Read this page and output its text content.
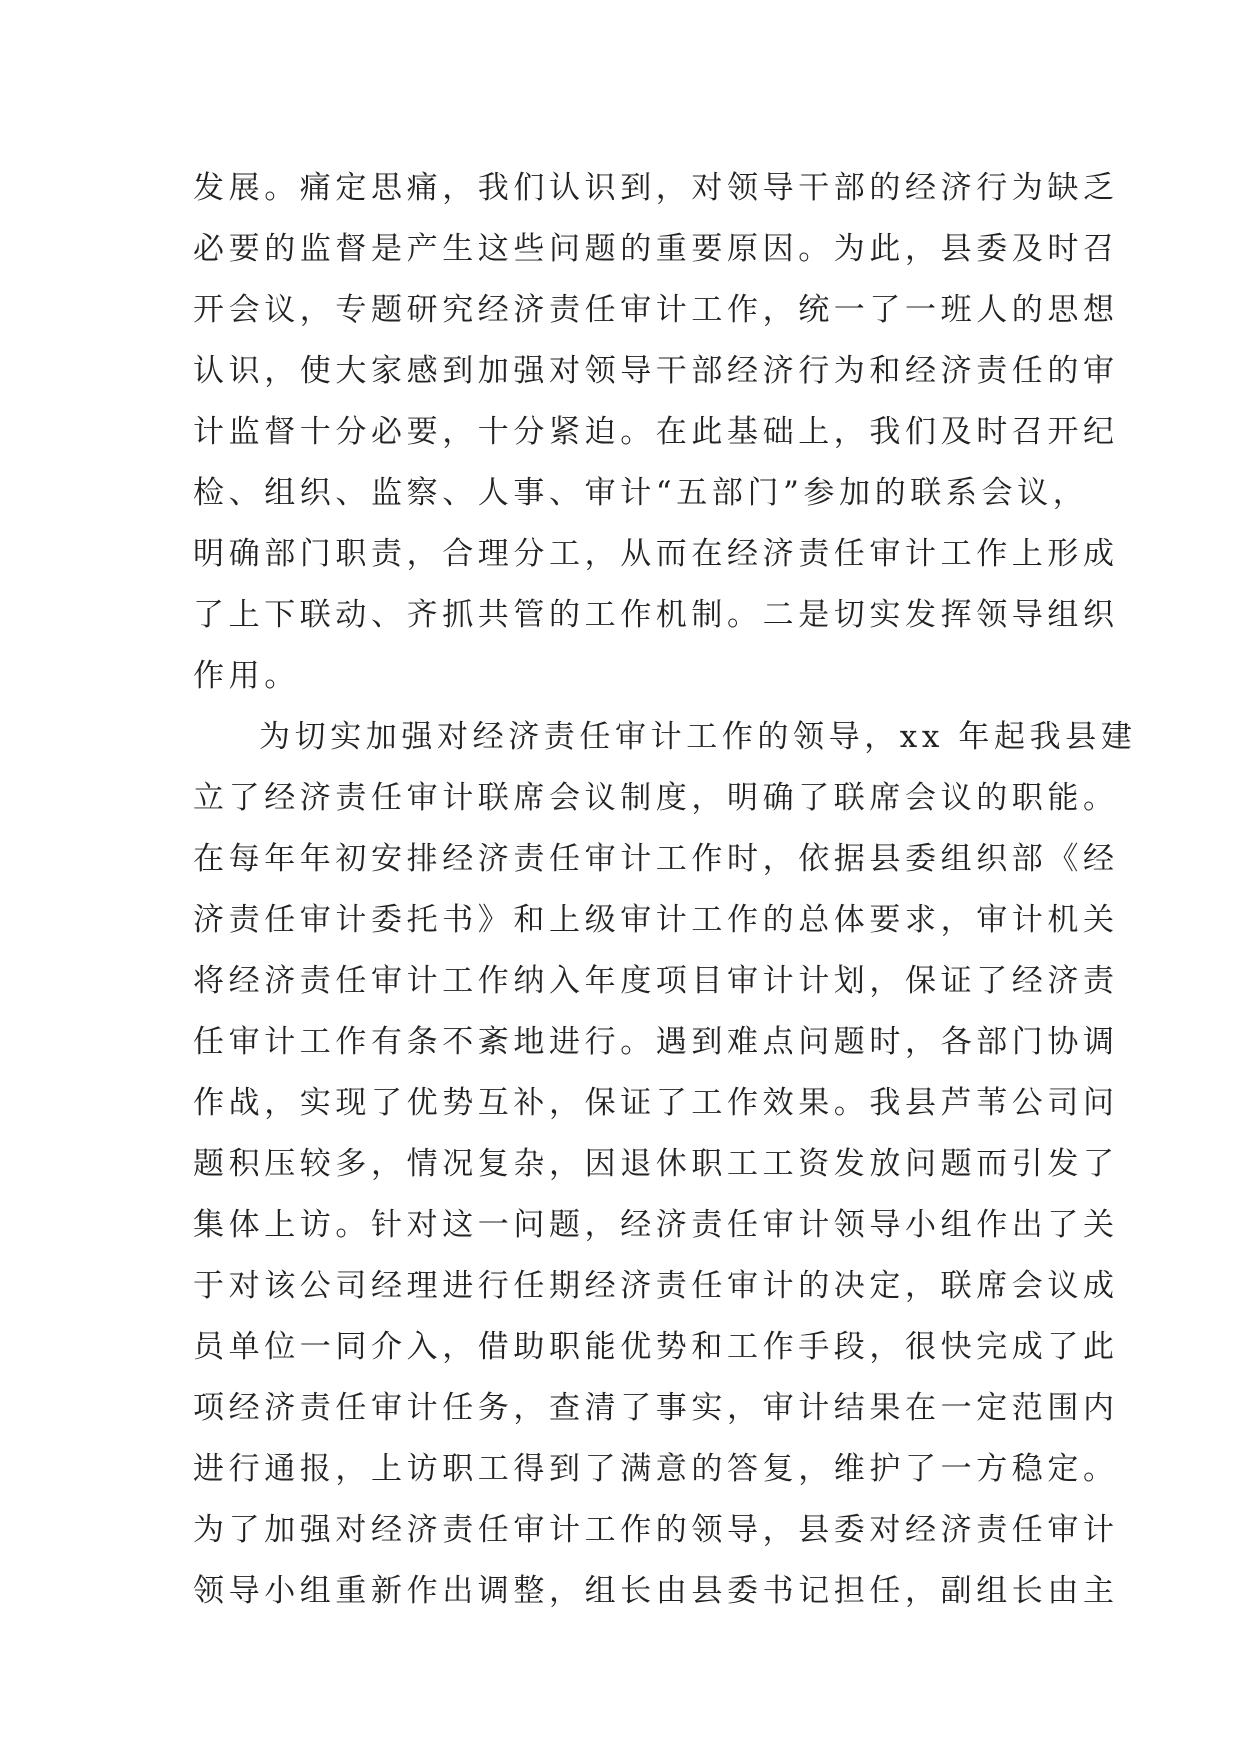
发展。痛定思痛，我们认识到，对领导干部的经济行为缺乏
必要的监督是产生这些问题的重要原因。为此，县委及时召
开会议，专题研究经济责任审计工作，统一了一班人的思想
认识，使大家感到加强对领导干部经济行为和经济责任的审
计监督十分必要，十分紧迫。在此基础上，我们及时召开纪
检、组织、监察、人事、审计“五部门”参加的联系会议，
明确部门职责，合理分工，从而在经济责任审计工作上形成
了上下联动、齐抓共管的工作机制。二是切实发挥领导组织
作用。
为切实加强对经济责任审计工作的领导，xx 年起我县建
立了经济责任审计联席会议制度，明确了联席会议的职能。
在每年年初安排经济责任审计工作时，依据县委组织部《经
济责任审计委托书》和上级审计工作的总体要求，审计机关
将经济责任审计工作纳入年度项目审计计划，保证了经济责
任审计工作有条不紊地进行。遇到难点问题时，各部门协调
作战，实现了优势互补，保证了工作效果。我县芦苇公司问
题积压较多，情况复杂，因退休职工工资发放问题而引发了
集体上访。针对这一问题，经济责任审计领导小组作出了关
于对该公司经理进行任期经济责任审计的决定，联席会议成
员单位一同介入，借助职能优势和工作手段，很快完成了此
项经济责任审计任务，查清了事实，审计结果在一定范围内
进行通报，上访职工得到了满意的答复，维护了一方稳定。
为了加强对经济责任审计工作的领导，县委对经济责任审计
领导小组重新作出调整，组长由县委书记担任，副组长由主
